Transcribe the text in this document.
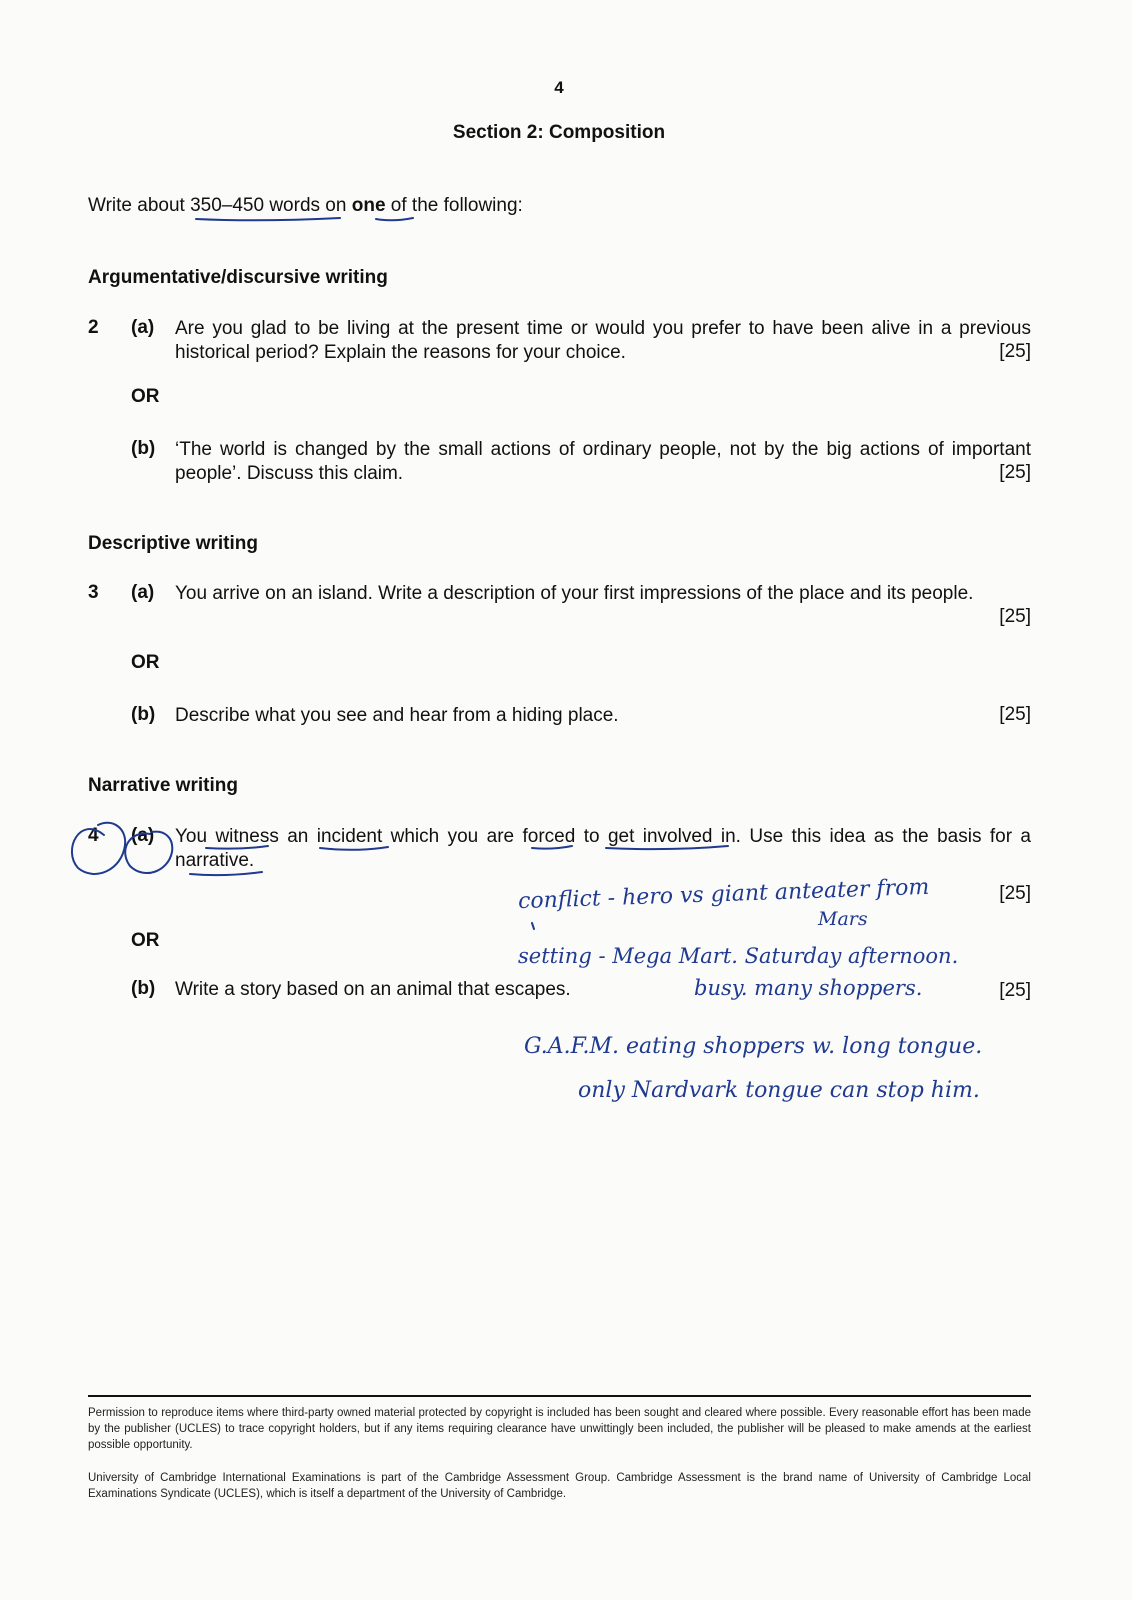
4
Section 2: Composition
Write about 350–450 words on one of the following:
Argumentative/discursive writing
2 (a) Are you glad to be living at the present time or would you prefer to have been alive in a previous historical period? Explain the reasons for your choice.	[25]
OR
(b) ‘The world is changed by the small actions of ordinary people, not by the big actions of important people’. Discuss this claim.	[25]
Descriptive writing
3 (a) You arrive on an island. Write a description of your first impressions of the place and its people.
[25]
OR
(b) Describe what you see and hear from a hiding place.	[25]
Narrative writing
4 (a) You witness an incident which you are forced to get involved in. Use this idea as the basis for a narrative.
[25]
OR
(b) Write a story based on an animal that escapes.	[25]
conflict - hero vs giant anteater from
Mars
setting - Mega Mart. Saturday afternoon.
busy. many shoppers.
G.A.F.M. eating shoppers w. long tongue.
only Nardvark tongue can stop him.
Permission to reproduce items where third-party owned material protected by copyright is included has been sought and cleared where possible. Every reasonable effort has been made by the publisher (UCLES) to trace copyright holders, but if any items requiring clearance have unwittingly been included, the publisher will be pleased to make amends at the earliest possible opportunity.
University of Cambridge International Examinations is part of the Cambridge Assessment Group. Cambridge Assessment is the brand name of University of Cambridge Local Examinations Syndicate (UCLES), which is itself a department of the University of Cambridge.
